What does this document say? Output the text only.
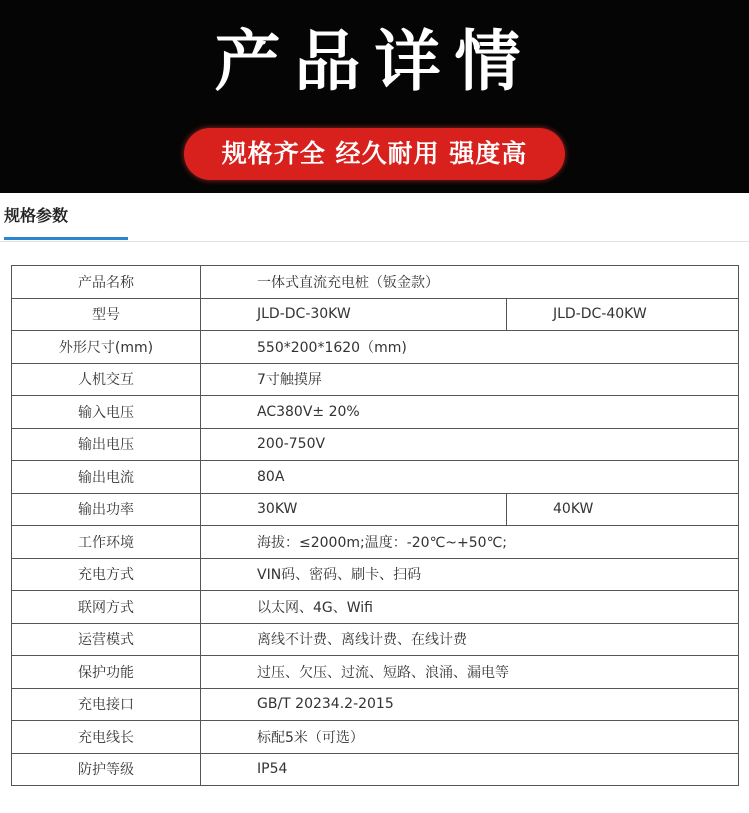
产品详情
规格齐全 经久耐用 强度高
规格参数
产品名称	一体式直流充电桩（钣金款）	
型号	JLD-DC-30KW	JLD-DC-40KW
外形尺寸(mm)	550*200*1620（mm)	
人机交互	7寸触摸屏	
输入电压	AC380V± 20%	
输出电压	200-750V	
输出电流	80A	
输出功率	30KW	40KW
工作环境	海拔：≤2000m;温度：-20℃~+50℃;	
充电方式	VIN码、密码、刷卡、扫码	
联网方式	以太网、4G、Wifi	
运营模式	离线不计费、离线计费、在线计费	
保护功能	过压、欠压、过流、短路、浪涌、漏电等	
充电接口	GB/T 20234.2-2015	
充电线长	标配5米（可选）	
防护等级	IP54	
